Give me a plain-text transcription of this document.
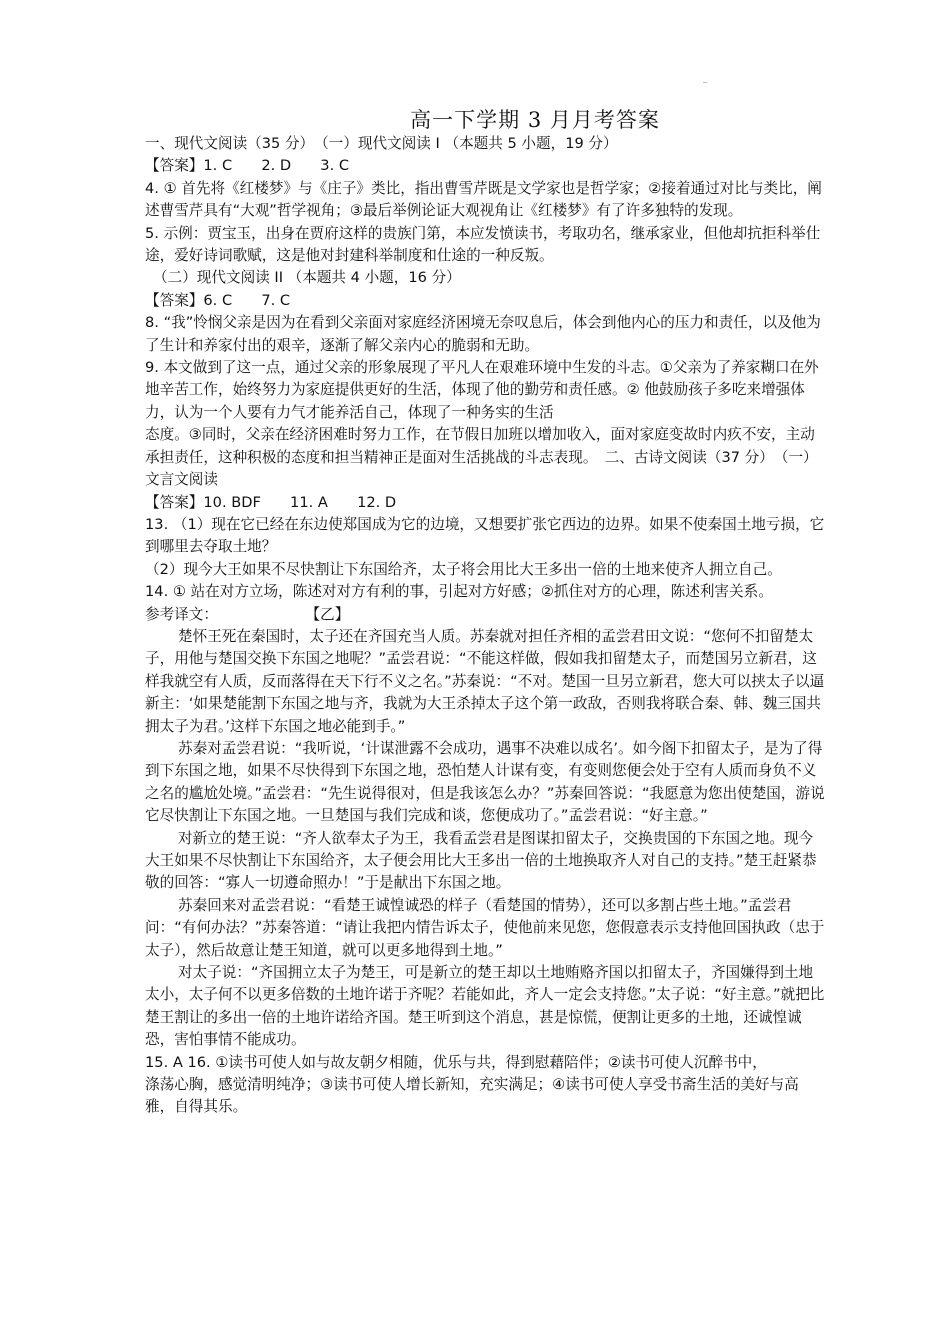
高一下学期 3 月月考答案

一、现代文阅读（35 分）　（一）现代文阅读 I （本题共 5 小题，19 分）

【答案】1. C　　2. D　　3. C

4. ① 首先将《红楼梦》与《庄子》类比，指出曹雪芹既是文学家也是哲学家；②接着通过对比与类比，阐述曹雪芹具有“大观”哲学视角；③最后举例论证大观视角让《红楼梦》有了许多独特的发现。

5. 示例：贾宝玉，出身在贾府这样的贵族门第，本应发愤读书，考取功名，继承家业，但他却抗拒科举仕途，爱好诗词歌赋，这是他对封建科举制度和仕途的一种反叛。

（二）现代文阅读 II （本题共 4 小题，16 分）

【答案】6. C　　7. C

8. “我”怜悯父亲是因为在看到父亲面对家庭经济困境无奈叹息后，体会到他内心的压力和责任，以及他为了生计和养家付出的艰辛，逐渐了解父亲内心的脆弱和无助。

9. 本文做到了这一点，通过父亲的形象展现了平凡人在艰难环境中生发的斗志。①父亲为了养家糊口在外地辛苦工作，始终努力为家庭提供更好的生活，体现了他的勤劳和责任感。② 他鼓励孩子多吃来增强体力，认为一个人要有力气才能养活自己，体现了一种务实的生活

态度。③同时，父亲在经济困难时努力工作，在节假日加班以增加收入，面对家庭变故时内疚不安，主动承担责任，这种积极的态度和担当精神正是面对生活挑战的斗志表现。　二、古诗文阅读（37 分）　（一）文言文阅读

【答案】10. BDF　　11. A　　12. D

13. （1）现在它已经在东边使郑国成为它的边境，又想要扩张它西边的边界。如果不使秦国土地亏损，它到哪里去夺取土地？

（2）现今大王如果不尽快割让下东国给齐，太子将会用比大王多出一倍的土地来使齐人拥立自己。

14. ① 站在对方立场，陈述对对方有利的事，引起对方好感；②抓住对方的心理，陈述利害关系。

参考译文：　　　　　　　【乙】

楚怀王死在秦国时，太子还在齐国充当人质。苏秦就对担任齐相的孟尝君田文说：“您何不扣留楚太子，用他与楚国交换下东国之地呢？”孟尝君说：“不能这样做，假如我扣留楚太子，而楚国另立新君，这样我就空有人质，反而落得在天下行不义之名。”苏秦说：“不对。楚国一旦另立新君，您大可以挟太子以逼新主：‘如果楚能割下东国之地与齐，我就为大王杀掉太子这个第一政敌，否则我将联合秦、韩、魏三国共拥太子为君。’这样下东国之地必能到手。”

苏秦对孟尝君说：“我听说，‘计谋泄露不会成功，遇事不决难以成名’。如今阁下扣留太子，是为了得到下东国之地，如果不尽快得到下东国之地，恐怕楚人计谋有变，有变则您便会处于空有人质而身负不义之名的尴尬处境。”孟尝君：“先生说得很对，但是我该怎么办？”苏秦回答说：“我愿意为您出使楚国，游说它尽快割让下东国之地。一旦楚国与我们完成和谈，您便成功了。”孟尝君说：“好主意。”

对新立的楚王说：“齐人欲奉太子为王，我看孟尝君是图谋扣留太子，交换贵国的下东国之地。现今大王如果不尽快割让下东国给齐，太子便会用比大王多出一倍的土地换取齐人对自己的支持。”楚王赶紧恭敬的回答：“寡人一切遵命照办！”于是献出下东国之地。

苏秦回来对孟尝君说：“看楚王诚惶诚恐的样子（看楚国的情势），还可以多割占些土地。”孟尝君问：“有何办法？”苏秦答道：“请让我把内情告诉太子，使他前来见您，您假意表示支持他回国执政（忠于太子），然后故意让楚王知道，就可以更多地得到土地。”

对太子说：“齐国拥立太子为楚王，可是新立的楚王却以土地贿赂齐国以扣留太子，齐国嫌得到土地太小，太子何不以更多倍数的土地许诺于齐呢？若能如此，齐人一定会支持您。”太子说：“好主意。”就把比楚王割让的多出一倍的土地许诺给齐国。楚王听到这个消息，甚是惊慌，便割让更多的土地，还诚惶诚恐，害怕事情不能成功。

15. A 16. ①读书可使人如与故友朝夕相随，优乐与共，得到慰藉陪伴；②读书可使人沉醉书中，

涤荡心胸，感觉清明纯净；③读书可使人增长新知，充实满足；④读书可使人享受书斋生活的美好与高雅，自得其乐。
